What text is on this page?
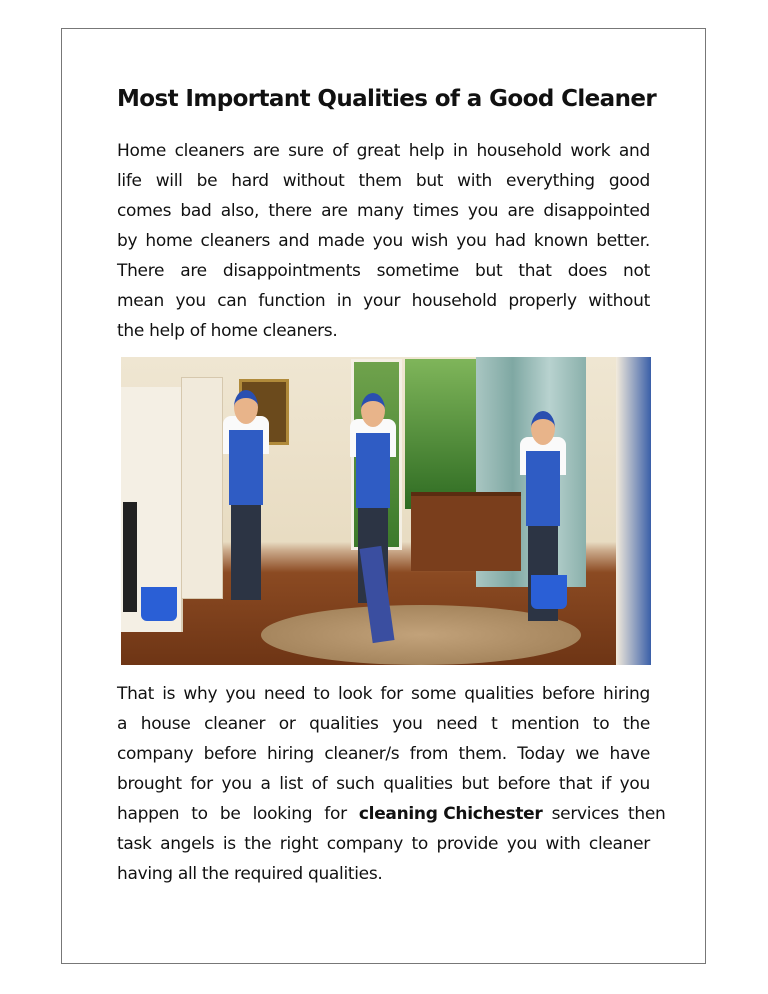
Most Important Qualities of a Good Cleaner
Home cleaners are sure of great help in household work and
life will be hard without them but with everything good
comes bad also, there are many times you are disappointed
by home cleaners and made you wish you had known better.
There are disappointments sometime but that does not
mean you can function in your household properly without
the help of home cleaners.
That is why you need to look for some qualities before hiring
a house cleaner or qualities you need t mention to the
company before hiring cleaner/s from them. Today we have
brought for you a list of such qualities but before that if you
happen to be looking for cleaning Chichester services then
task angels is the right company to provide you with cleaner
having all the required qualities.
